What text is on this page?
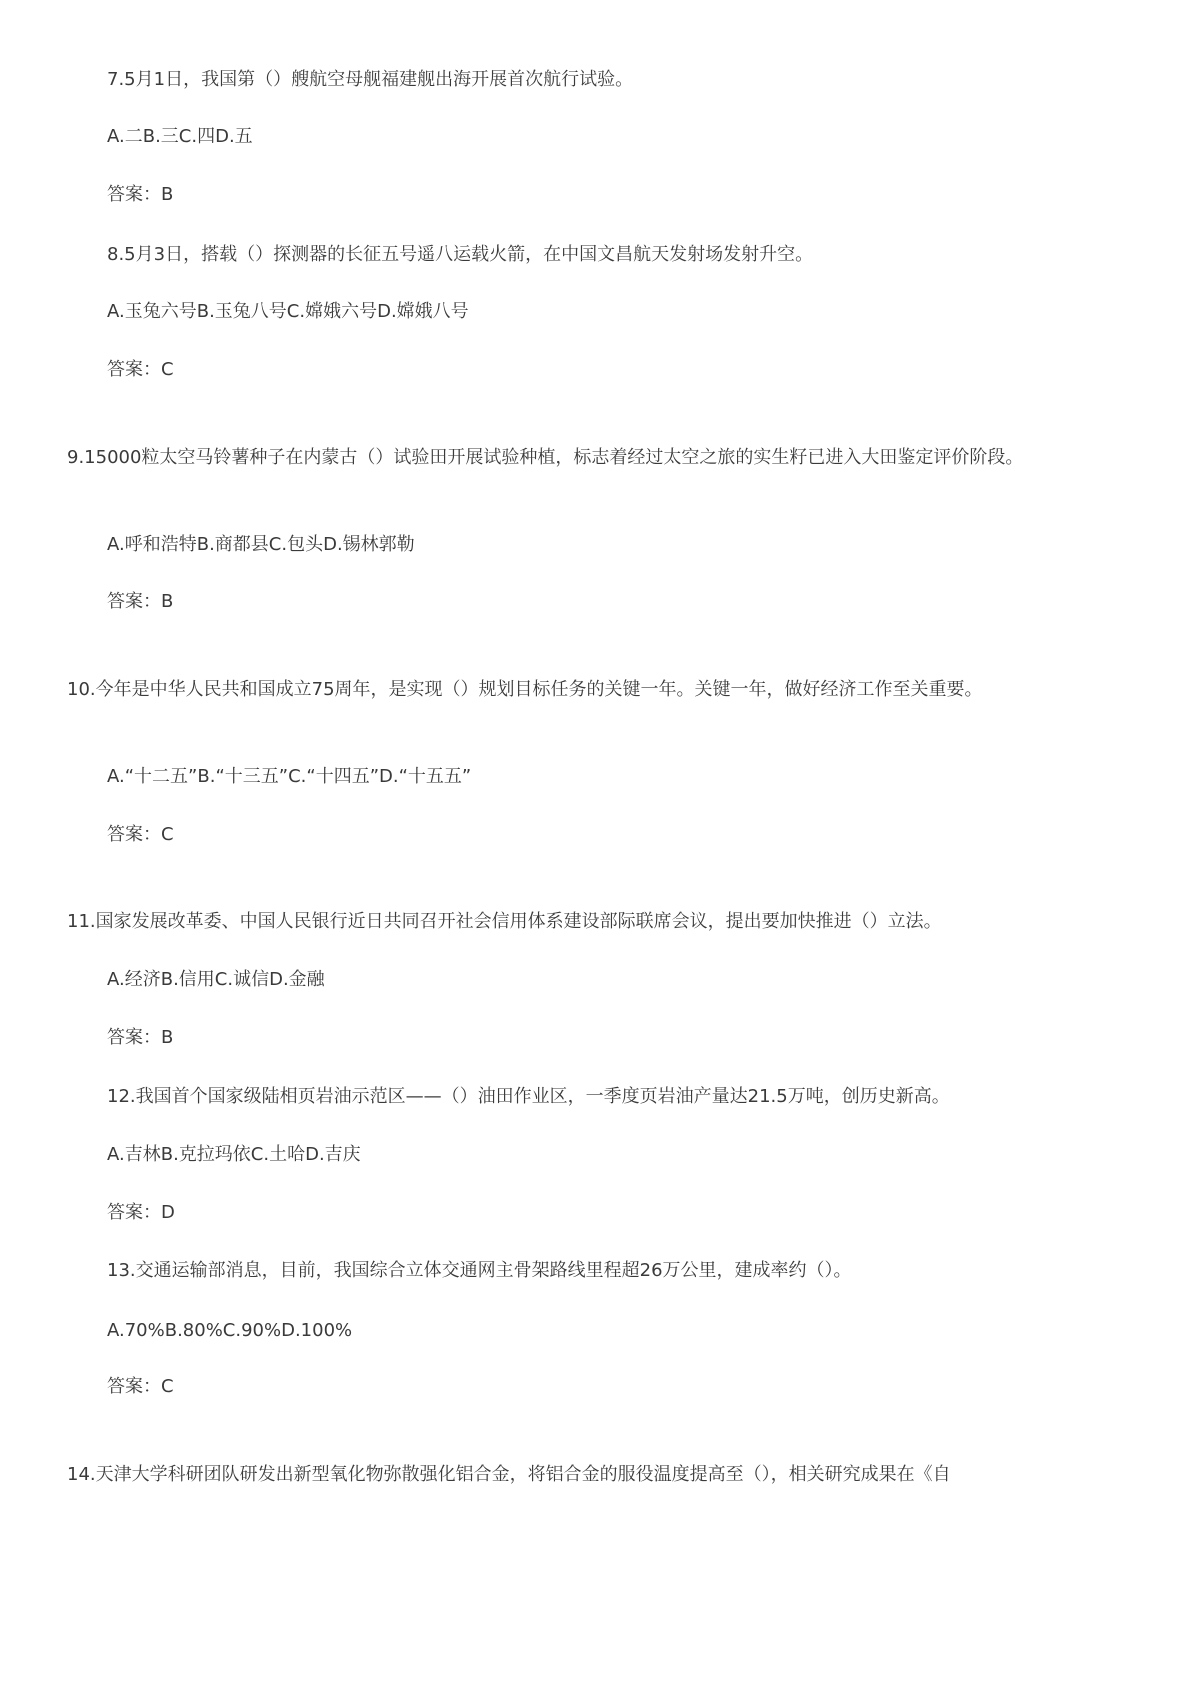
7.5月1日，我国第（）艘航空母舰福建舰出海开展首次航行试验。
A.二B.三C.四D.五
答案：B
8.5月3日，搭载（）探测器的长征五号遥八运载火箭，在中国文昌航天发射场发射升空。
A.玉兔六号B.玉兔八号C.嫦娥六号D.嫦娥八号
答案：C
9.15000粒太空马铃薯种子在内蒙古（）试验田开展试验种植，标志着经过太空之旅的实生籽已进入大田鉴定评价阶段。
A.呼和浩特B.商都县C.包头D.锡林郭勒
答案：B
10.今年是中华人民共和国成立75周年，是实现（）规划目标任务的关键一年。关键一年，做好经济工作至关重要。
A.“十二五”B.“十三五”C.“十四五”D.“十五五”
答案：C
11.国家发展改革委、中国人民银行近日共同召开社会信用体系建设部际联席会议，提出要加快推进（）立法。
A.经济B.信用C.诚信D.金融
答案：B
12.我国首个国家级陆相页岩油示范区——（）油田作业区，一季度页岩油产量达21.5万吨，创历史新高。
A.吉林B.克拉玛依C.土哈D.吉庆
答案：D
13.交通运输部消息，目前，我国综合立体交通网主骨架路线里程超26万公里，建成率约（）。
A.70%B.80%C.90%D.100%
答案：C
14.天津大学科研团队研发出新型氧化物弥散强化铝合金，将铝合金的服役温度提高至（），相关研究成果在《自
